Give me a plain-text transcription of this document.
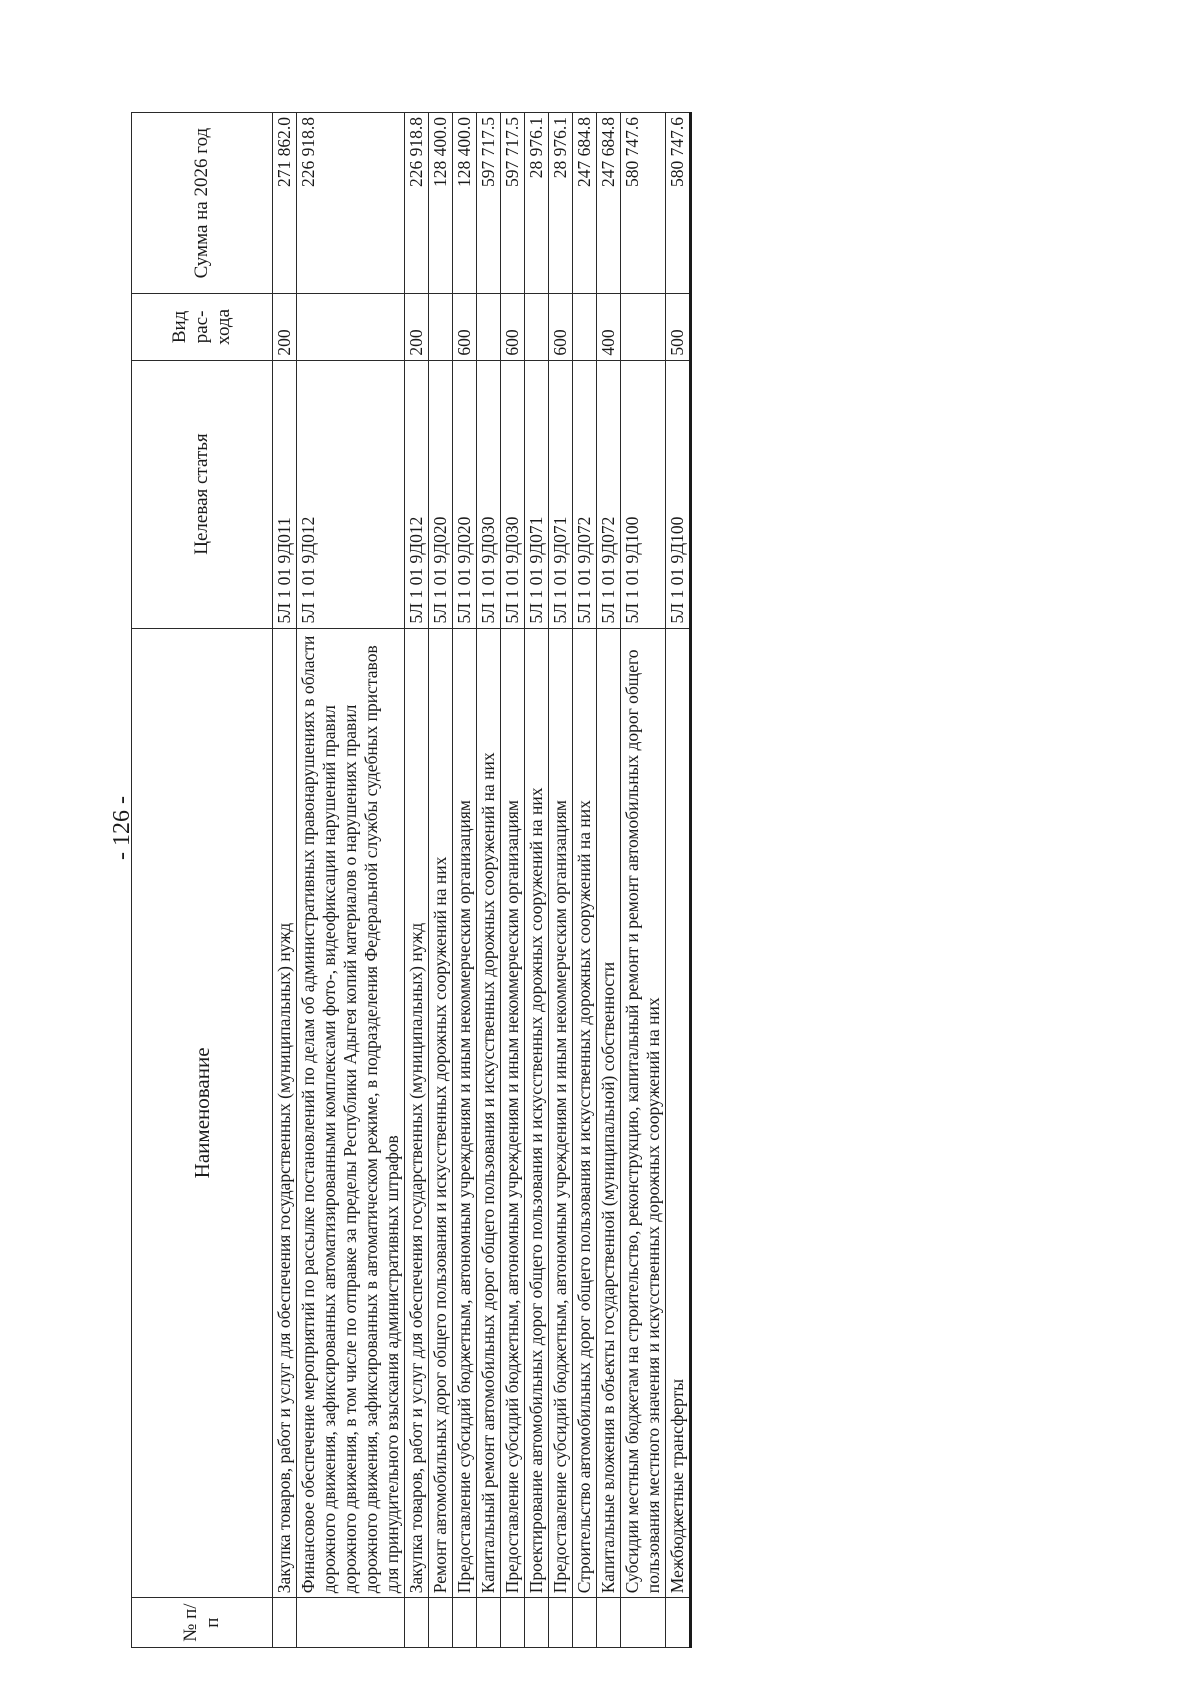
- 126 -
№ п/п	Наименование	Целевая статья	Вид рас-хода	Сумма на 2026 год
	Закупка товаров, работ и услуг для обеспечения государственных (муниципальных) нужд	5Л 1 01 9Д011	200	271 862.0
	Финансовое обеспечение мероприятий по рассылке постановлений по делам об административных правонарушениях в области дорожного движения, зафиксированных автоматизированными комплексами фото-, видеофиксации нарушений правил дорожного движения, в том числе по отправке за пределы Республики Адыгея копий материалов о нарушениях правил дорожного движения, зафиксированных в автоматическом режиме, в подразделения Федеральной службы судебных приставов для принудительного взыскания административных штрафов	5Л 1 01 9Д012		226 918.8
	Закупка товаров, работ и услуг для обеспечения государственных (муниципальных) нужд	5Л 1 01 9Д012	200	226 918.8
	Ремонт автомобильных дорог общего пользования и искусственных дорожных сооружений на них	5Л 1 01 9Д020		128 400.0
	Предоставление субсидий бюджетным, автономным учреждениям и иным некоммерческим организациям	5Л 1 01 9Д020	600	128 400.0
	Капитальный ремонт автомобильных дорог общего пользования и искусственных дорожных сооружений на них	5Л 1 01 9Д030		597 717.5
	Предоставление субсидий бюджетным, автономным учреждениям и иным некоммерческим организациям	5Л 1 01 9Д030	600	597 717.5
	Проектирование автомобильных дорог общего пользования и искусственных дорожных сооружений на них	5Л 1 01 9Д071		28 976.1
	Предоставление субсидий бюджетным, автономным учреждениям и иным некоммерческим организациям	5Л 1 01 9Д071	600	28 976.1
	Строительство автомобильных дорог общего пользования и искусственных дорожных сооружений на них	5Л 1 01 9Д072		247 684.8
	Капитальные вложения в объекты государственной (муниципальной) собственности	5Л 1 01 9Д072	400	247 684.8
	Субсидии местным бюджетам на строительство, реконструкцию, капитальный ремонт и ремонт автомобильных дорог общего пользования местного значения и искусственных дорожных сооружений на них	5Л 1 01 9Д100		580 747.6
	Межбюджетные трансферты	5Л 1 01 9Д100	500	580 747.6
